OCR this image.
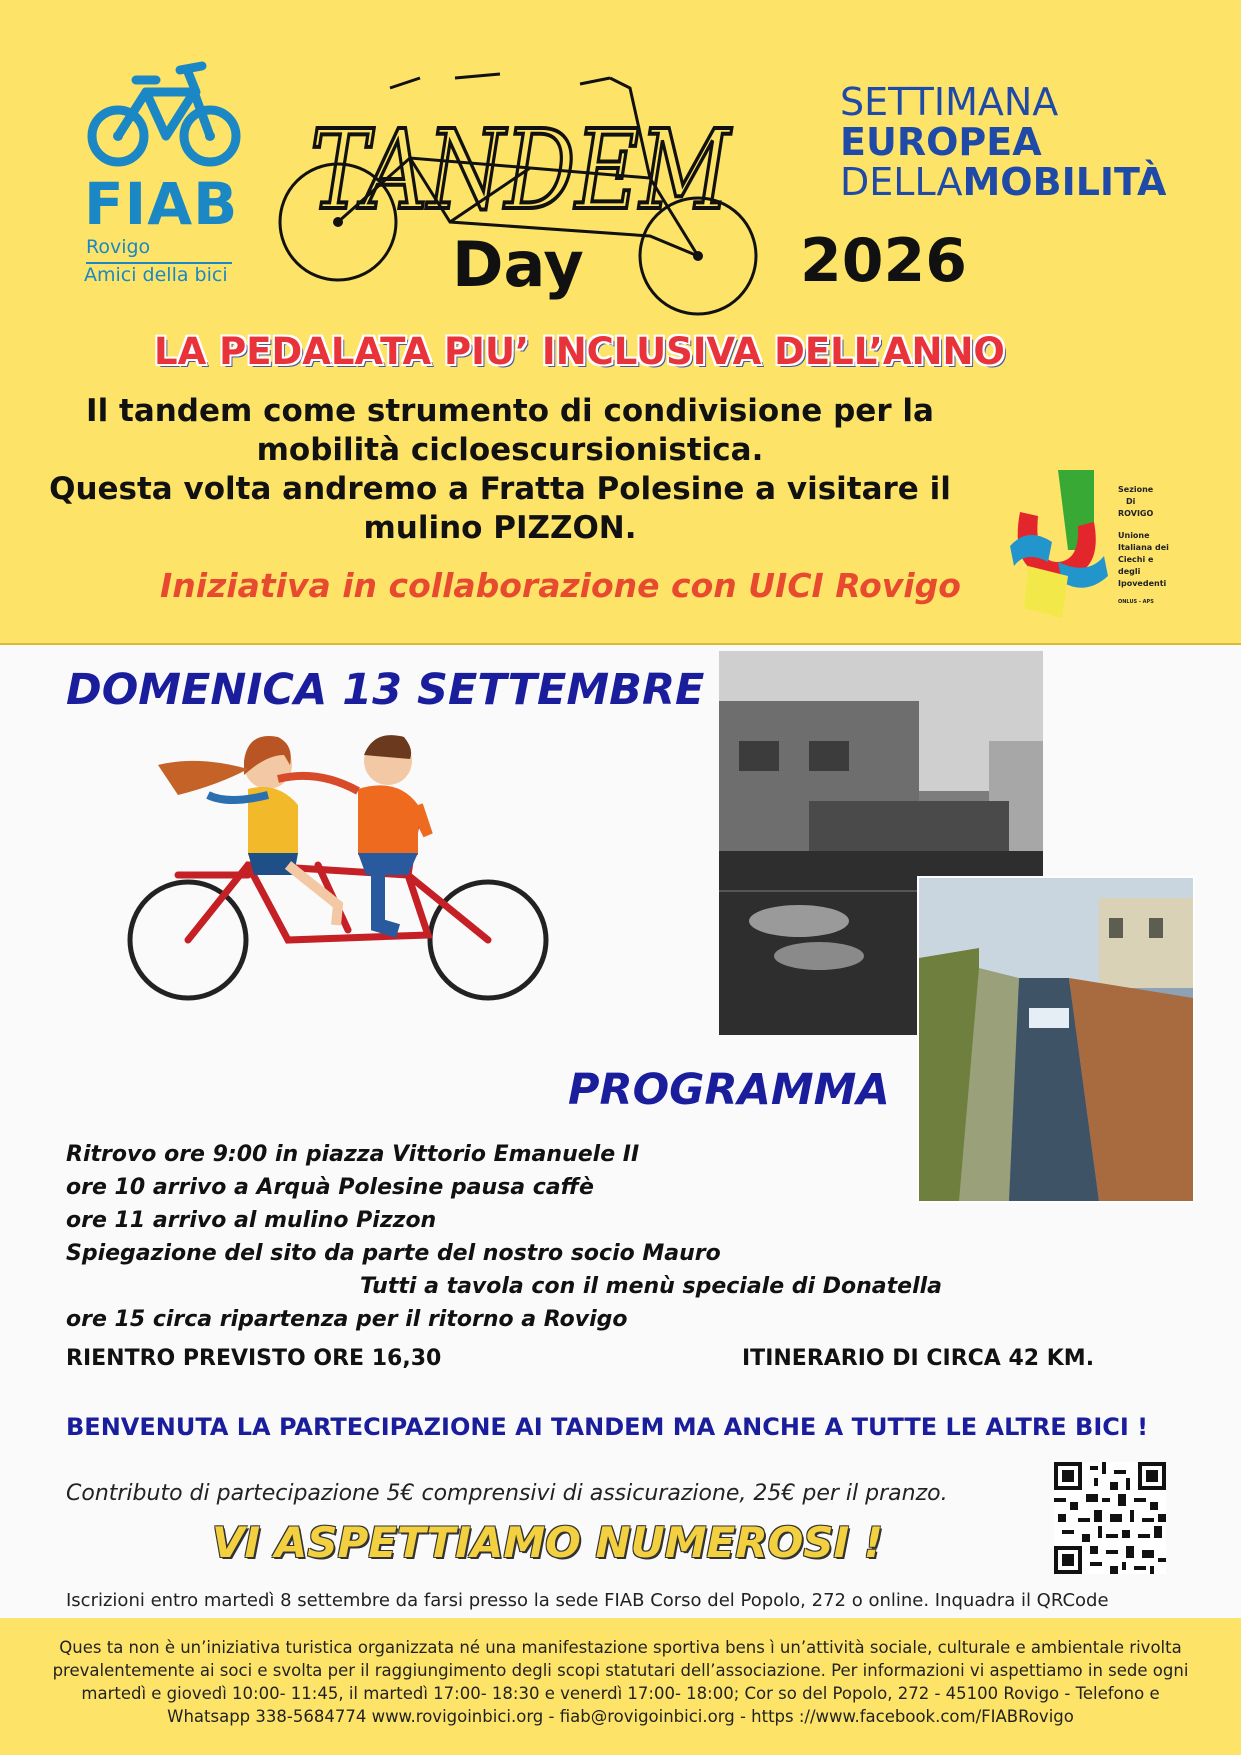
FIAB
Rovigo
Amici della bici
TANDEM
Day	2026
SETTIMANA
EUROPEA
DELLAMOBILITÀ
LA PEDALATA PIU’ INCLUSIVA DELL’ANNO
Il tandem come strumento di condivisione per la
mobilità cicloescursionistica.
Questa volta andremo a Fratta Polesine a visitare il
mulino PIZZON.
Iniziativa in collaborazione con UICI Rovigo
Sezione
Di
ROVIGO
Unione
Italiana dei
Ciechi e
degli
Ipovedenti
ONLUS - APS
DOMENICA 13 SETTEMBRE
PROGRAMMA
Ritrovo ore 9:00 in piazza Vittorio Emanuele II
ore 10 arrivo a Arquà Polesine pausa caffè
ore 11 arrivo al mulino Pizzon
Spiegazione del sito da parte del nostro socio Mauro
Tutti a tavola con il menù speciale di Donatella
ore 15 circa ripartenza per il ritorno a Rovigo
RIENTRO PREVISTO ORE 16,30	ITINERARIO DI CIRCA 42 KM.
BENVENUTA LA PARTECIPAZIONE AI TANDEM MA ANCHE A TUTTE LE ALTRE BICI !
Contributo di partecipazione 5€ comprensivi di assicurazione, 25€ per il pranzo.
VI ASPETTIAMO NUMEROSI !
Iscrizioni entro martedì 8 settembre da farsi presso la sede FIAB Corso del Popolo, 272 o online. Inquadra il QRCode
Ques ta non è un’iniziativa turistica organizzata né una manifestazione sportiva bens ì un’attività sociale, culturale e ambientale rivolta
prevalentemente ai soci e svolta per il raggiungimento degli scopi statutari dell’associazione. Per informazioni vi aspettiamo in sede ogni
martedì e giovedì 10:00- 11:45, il martedì 17:00- 18:30 e venerdì 17:00- 18:00; Cor so del Popolo, 272 - 45100 Rovigo - Telefono e
Whatsapp 338-5684774 www.rovigoinbici.org - fiab@rovigoinbici.org - https ://www.facebook.com/FIABRovigo
